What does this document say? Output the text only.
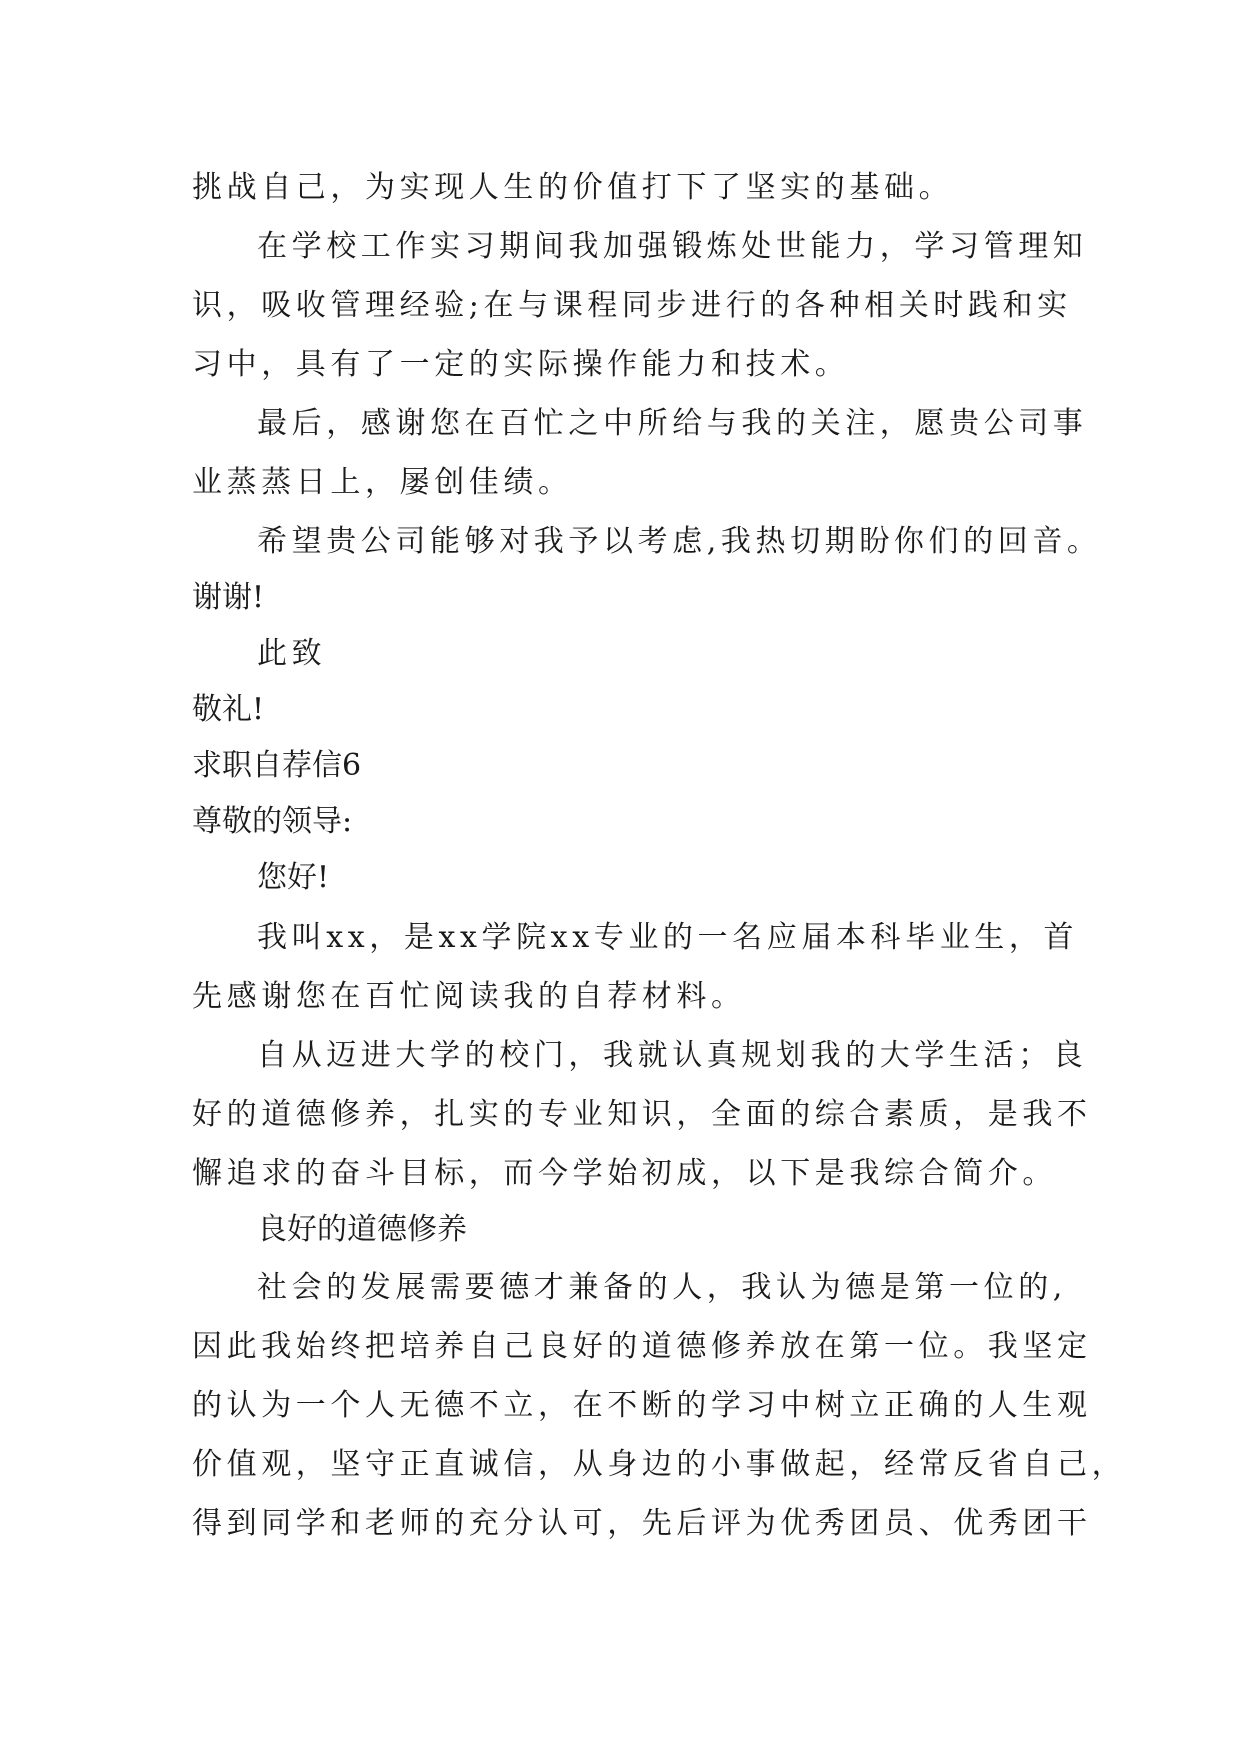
挑战自己，为实现人生的价值打下了坚实的基础。
在学校工作实习期间我加强锻炼处世能力，学习管理知
识，吸收管理经验;在与课程同步进行的各种相关时践和实
习中，具有了一定的实际操作能力和技术。
最后，感谢您在百忙之中所给与我的关注，愿贵公司事
业蒸蒸日上，屡创佳绩。
希望贵公司能够对我予以考虑,我热切期盼你们的回音。
谢谢!
此致
敬礼!
求职自荐信6
尊敬的领导:
您好!
我叫xx，是xx学院xx专业的一名应届本科毕业生，首
先感谢您在百忙阅读我的自荐材料。
自从迈进大学的校门，我就认真规划我的大学生活；良
好的道德修养，扎实的专业知识，全面的综合素质，是我不
懈追求的奋斗目标，而今学始初成，以下是我综合简介。
良好的道德修养
社会的发展需要德才兼备的人，我认为德是第一位的,
因此我始终把培养自己良好的道德修养放在第一位。我坚定
的认为一个人无德不立，在不断的学习中树立正确的人生观
价值观，坚守正直诚信，从身边的小事做起，经常反省自己，
得到同学和老师的充分认可，先后评为优秀团员、优秀团干
